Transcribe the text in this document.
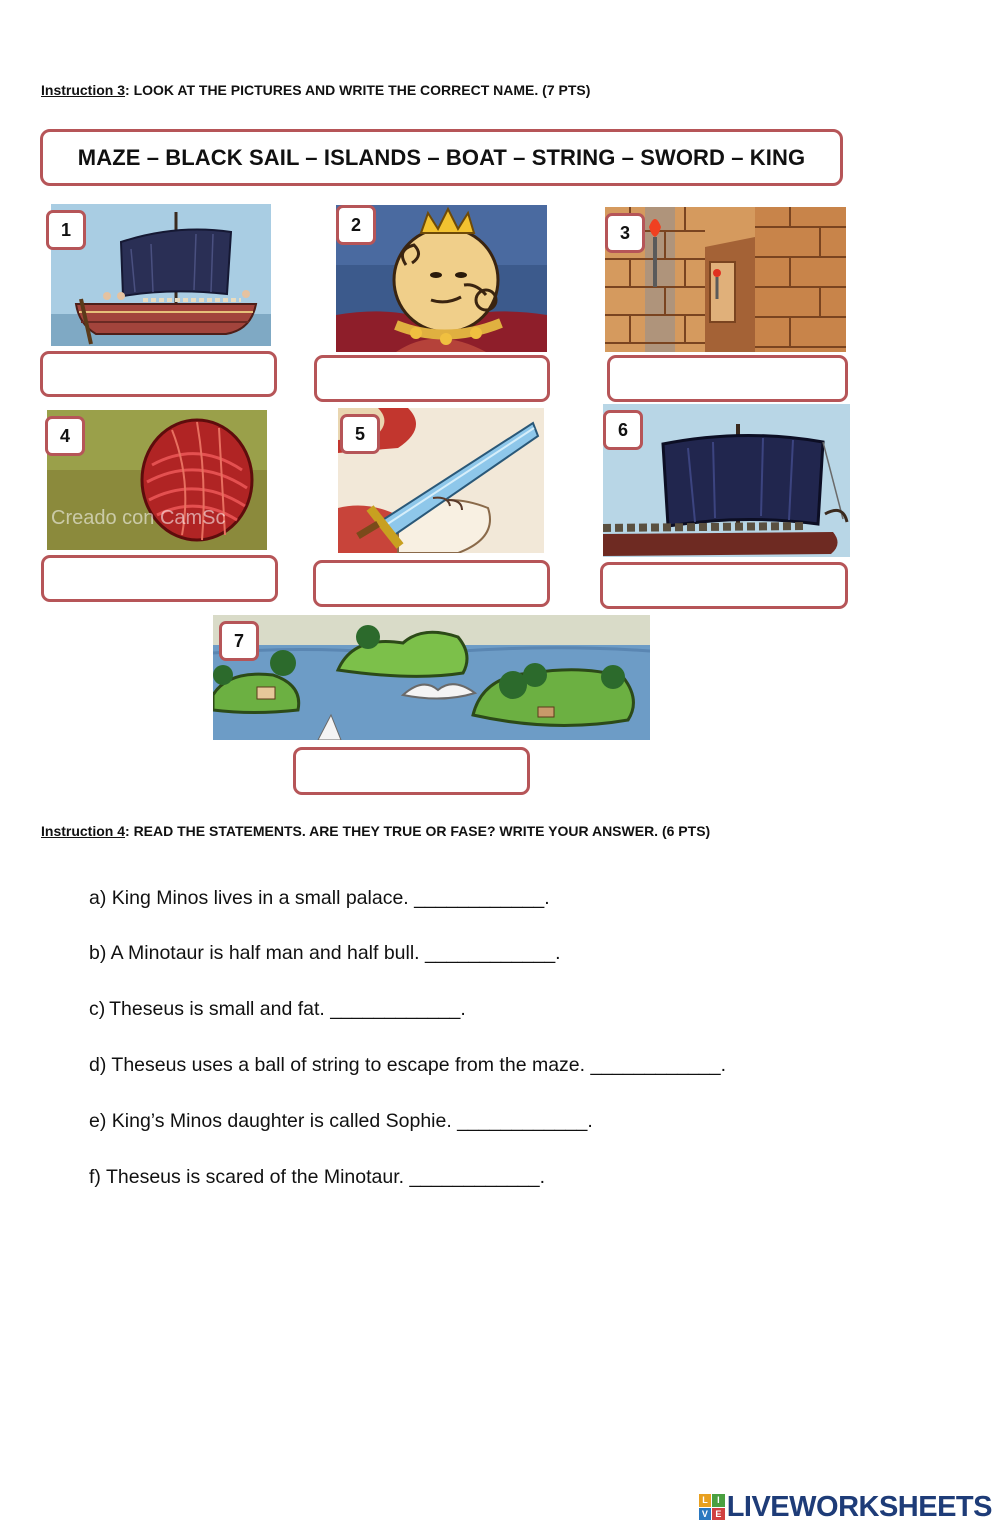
Instruction 3: LOOK AT THE PICTURES AND WRITE THE CORRECT NAME. (7 PTS)
MAZE – BLACK SAIL – ISLANDS – BOAT – STRING – SWORD – KING
1	2	3
Creado con CamSc
4	5	6
7
Instruction 4: READ THE STATEMENTS. ARE THEY TRUE OR FASE? WRITE YOUR ANSWER. (6 PTS)
a) King Minos lives in a small palace. ____________.
b) A Minotaur is half man and half bull. ____________.
c) Theseus is small and fat. ____________.
d) Theseus uses a ball of string to escape from the maze. ____________.
e) King’s Minos daughter is called Sophie. ____________.
f) Theseus is scared of the Minotaur. ____________.
L	I
V E LIVEWORKSHEETS
